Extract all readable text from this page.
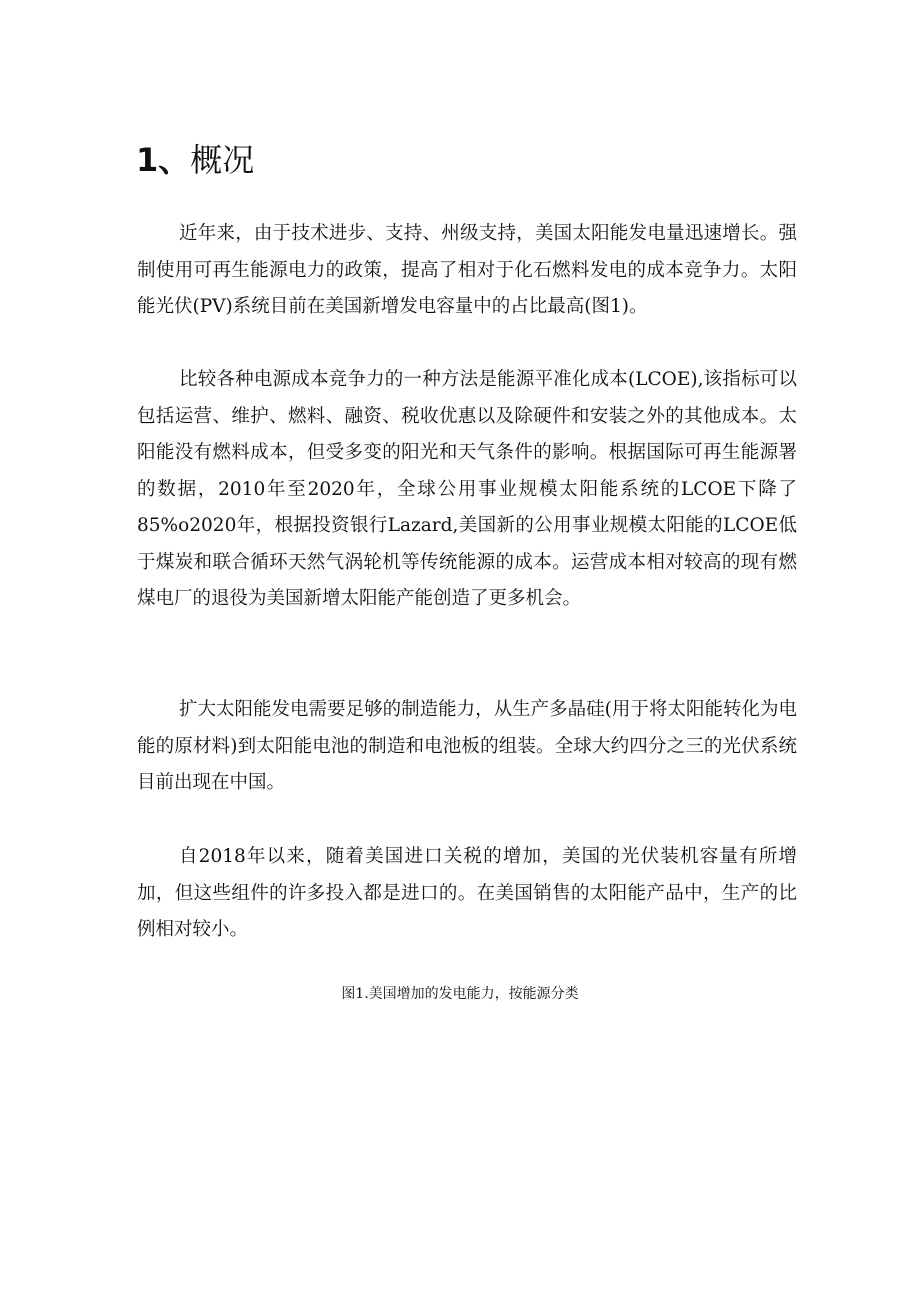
1、概况

近年来，由于技术进步、支持、州级支持，美国太阳能发电量迅速增长。强制使用可再生能源电力的政策，提高了相对于化石燃料发电的成本竞争力。太阳能光伏(PV)系统目前在美国新增发电容量中的占比最高(图1)。

比较各种电源成本竞争力的一种方法是能源平准化成本(LCOE),该指标可以包括运营、维护、燃料、融资、税收优惠以及除硬件和安装之外的其他成本。太阳能没有燃料成本，但受多变的阳光和天气条件的影响。根据国际可再生能源署的数据，2010年至2020年，全球公用事业规模太阳能系统的LCOE下降了85%o2020年，根据投资银行Lazard,美国新的公用事业规模太阳能的LCOE低于煤炭和联合循环天然气涡轮机等传统能源的成本。运营成本相对较高的现有燃煤电厂的退役为美国新增太阳能产能创造了更多机会。

扩大太阳能发电需要足够的制造能力，从生产多晶硅(用于将太阳能转化为电能的原材料)到太阳能电池的制造和电池板的组装。全球大约四分之三的光伏系统目前出现在中国。

自2018年以来，随着美国进口关税的增加，美国的光伏装机容量有所增加，但这些组件的许多投入都是进口的。在美国销售的太阳能产品中，生产的比例相对较小。

图1.美国增加的发电能力，按能源分类
